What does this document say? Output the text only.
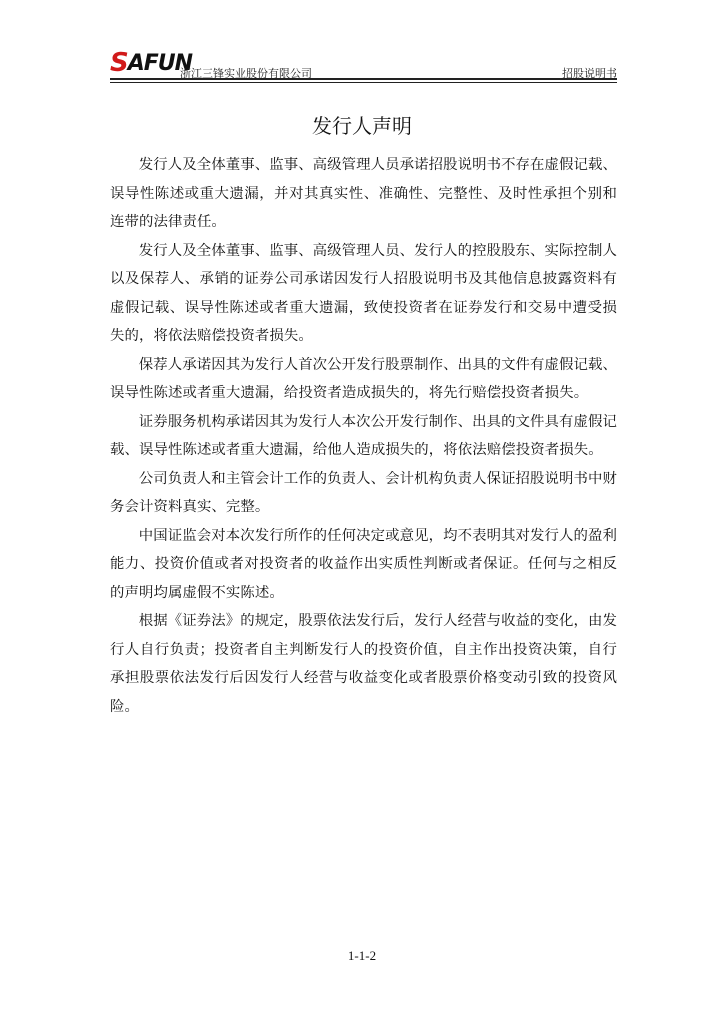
S AFUN
浙江三锋实业股份有限公司	招股说明书
发行人声明

发行人及全体董事、监事、高级管理人员承诺招股说明书不存在虚假记载、误导性陈述或重大遗漏，并对其真实性、准确性、完整性、及时性承担个别和连带的法律责任。

发行人及全体董事、监事、高级管理人员、发行人的控股股东、实际控制人以及保荐人、承销的证券公司承诺因发行人招股说明书及其他信息披露资料有虚假记载、误导性陈述或者重大遗漏，致使投资者在证券发行和交易中遭受损失的，将依法赔偿投资者损失。

保荐人承诺因其为发行人首次公开发行股票制作、出具的文件有虚假记载、误导性陈述或者重大遗漏，给投资者造成损失的，将先行赔偿投资者损失。

证券服务机构承诺因其为发行人本次公开发行制作、出具的文件具有虚假记载、误导性陈述或者重大遗漏，给他人造成损失的，将依法赔偿投资者损失。

公司负责人和主管会计工作的负责人、会计机构负责人保证招股说明书中财务会计资料真实、完整。

中国证监会对本次发行所作的任何决定或意见，均不表明其对发行人的盈利能力、投资价值或者对投资者的收益作出实质性判断或者保证。任何与之相反的声明均属虚假不实陈述。

根据《证券法》的规定，股票依法发行后，发行人经营与收益的变化，由发行人自行负责；投资者自主判断发行人的投资价值，自主作出投资决策，自行承担股票依法发行后因发行人经营与收益变化或者股票价格变动引致的投资风险。

1-1-2
